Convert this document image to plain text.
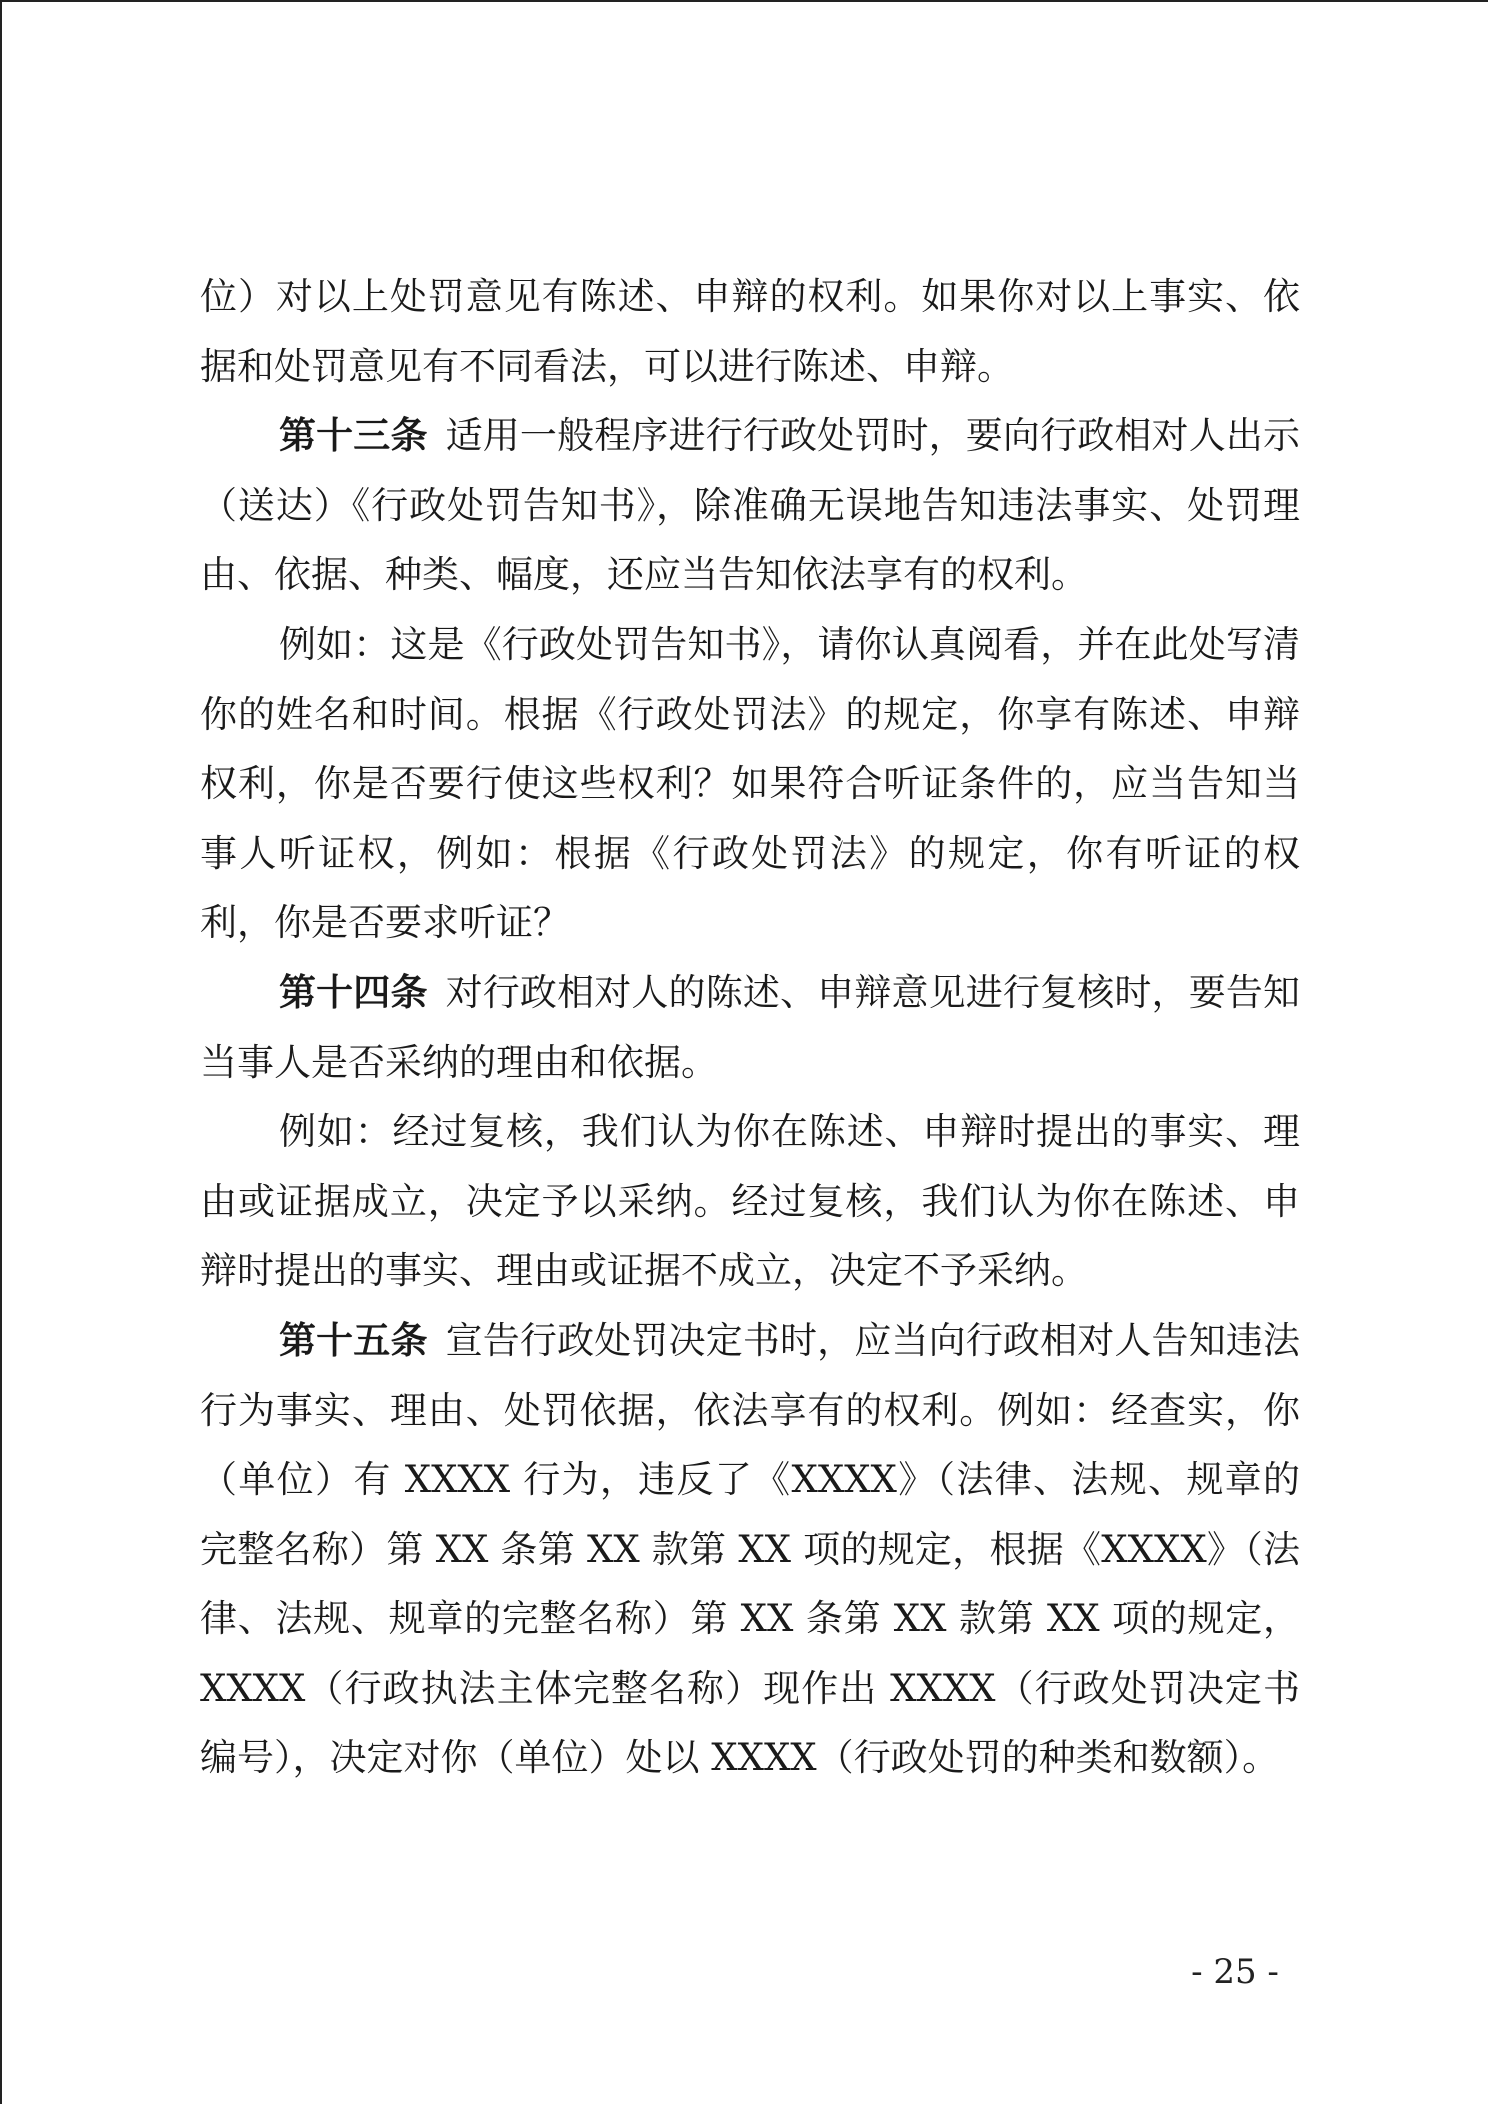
位）对以上处罚意见有陈述、申辩的权利。如果你对以上事实、依据和处罚意见有不同看法，可以进行陈述、申辩。

第十三条 适用一般程序进行行政处罚时，要向行政相对人出示（送达）《行政处罚告知书》，除准确无误地告知违法事实、处罚理由、依据、种类、幅度，还应当告知依法享有的权利。

例如：这是《行政处罚告知书》，请你认真阅看，并在此处写清你的姓名和时间。根据《行政处罚法》的规定，你享有陈述、申辩权利，你是否要行使这些权利？如果符合听证条件的，应当告知当事人听证权，例如：根据《行政处罚法》的规定，你有听证的权利，你是否要求听证？

第十四条 对行政相对人的陈述、申辩意见进行复核时，要告知当事人是否采纳的理由和依据。

例如：经过复核，我们认为你在陈述、申辩时提出的事实、理由或证据成立，决定予以采纳。经过复核，我们认为你在陈述、申辩时提出的事实、理由或证据不成立，决定不予采纳。

第十五条 宣告行政处罚决定书时，应当向行政相对人告知违法行为事实、理由、处罚依据，依法享有的权利。例如：经查实，你（单位）有 XXXX 行为，违反了《XXXX》（法律、法规、规章的完整名称）第 XX 条第 XX 款第 XX 项的规定，根据《XXXX》（法律、法规、规章的完整名称）第 XX 条第 XX 款第 XX 项的规定，XXXX（行政执法主体完整名称）现作出 XXXX（行政处罚决定书编号），决定对你（单位）处以 XXXX（行政处罚的种类和数额）。

- 25 -
